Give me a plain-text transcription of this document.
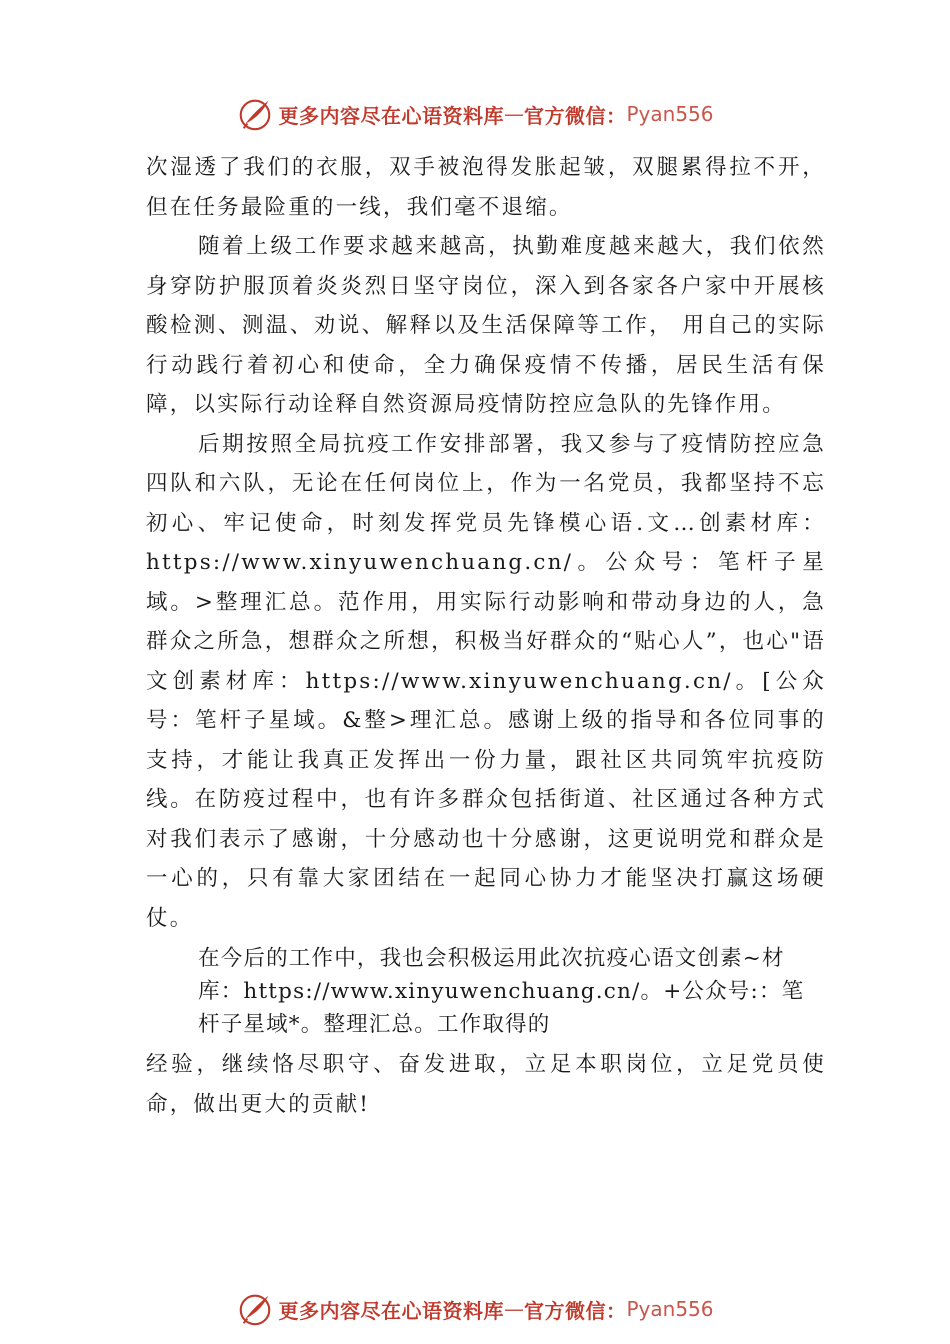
更多内容尽在心语资料库 — 官方微信： Pyan556

次湿透了我们的衣服，双手被泡得发胀起皱，双腿累得拉不开，但在任务最险重的一线，我们毫不退缩。

随着上级工作要求越来越高，执勤难度越来越大，我们依然身穿防护服顶着炎炎烈日坚守岗位，深入到各家各户家中开展核酸检测、测温、劝说、解释以及生活保障等工作， 用自己的实际行动践行着初心和使命，全力确保疫情不传播，居民生活有保障，以实际行动诠释自然资源局疫情防控应急队的先锋作用。

后期按照全局抗疫工作安排部署，我又参与了疫情防控应急四队和六队，无论在任何岗位上，作为一名党员，我都坚持不忘初心、牢记使命，时刻发挥党员先锋模心语.文…创素材库：https://www.xinyuwenchuang.cn/。公众号：笔杆子星域。>整理汇总。范作用，用实际行动影响和带动身边的人，急群众之所急，想群众之所想，积极当好群众的“贴心人”，也心"语文创素材库：https://www.xinyuwenchuang.cn/。[公众号：笔杆子星域。&整>理汇总。感谢上级的指导和各位同事的支持，才能让我真正发挥出一份力量，跟社区共同筑牢抗疫防线。在防疫过程中，也有许多群众包括街道、社区通过各种方式对我们表示了感谢，十分感动也十分感谢，这更说明党和群众是一心的，只有靠大家团结在一起同心协力才能坚决打赢这场硬仗。

在今后的工作中，我也会积极运用此次抗疫心语文创素~材库：https://www.xinyuwenchuang.cn/。+公众号:：笔杆子星域*。整理汇总。工作取得的

经验，继续恪尽职守、奋发进取，立足本职岗位，立足党员使命，做出更大的贡献!

更多内容尽在心语资料库 — 官方微信： Pyan556
